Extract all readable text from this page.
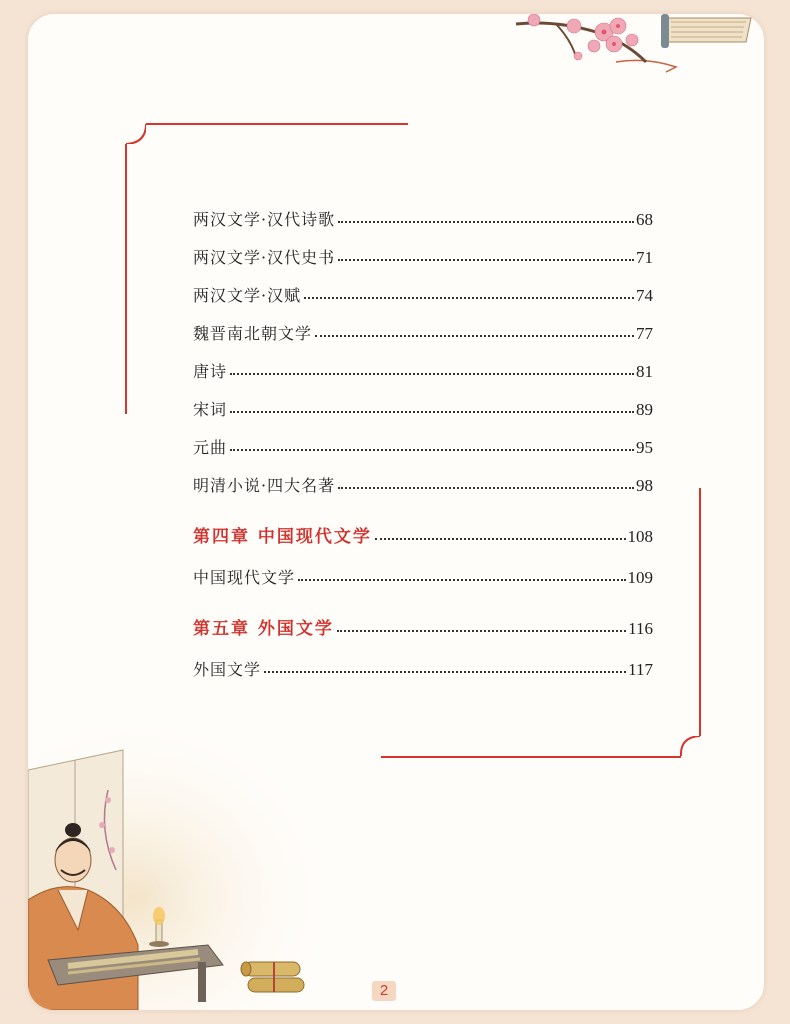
两汉文学·汉代诗歌	68
两汉文学·汉代史书	71
两汉文学·汉赋	74
魏晋南北朝文学	77
唐诗	81
宋词	89
元曲	95
明清小说·四大名著	98
第四章 中国现代文学	108
中国现代文学	109
第五章 外国文学	116
外国文学	117
2
